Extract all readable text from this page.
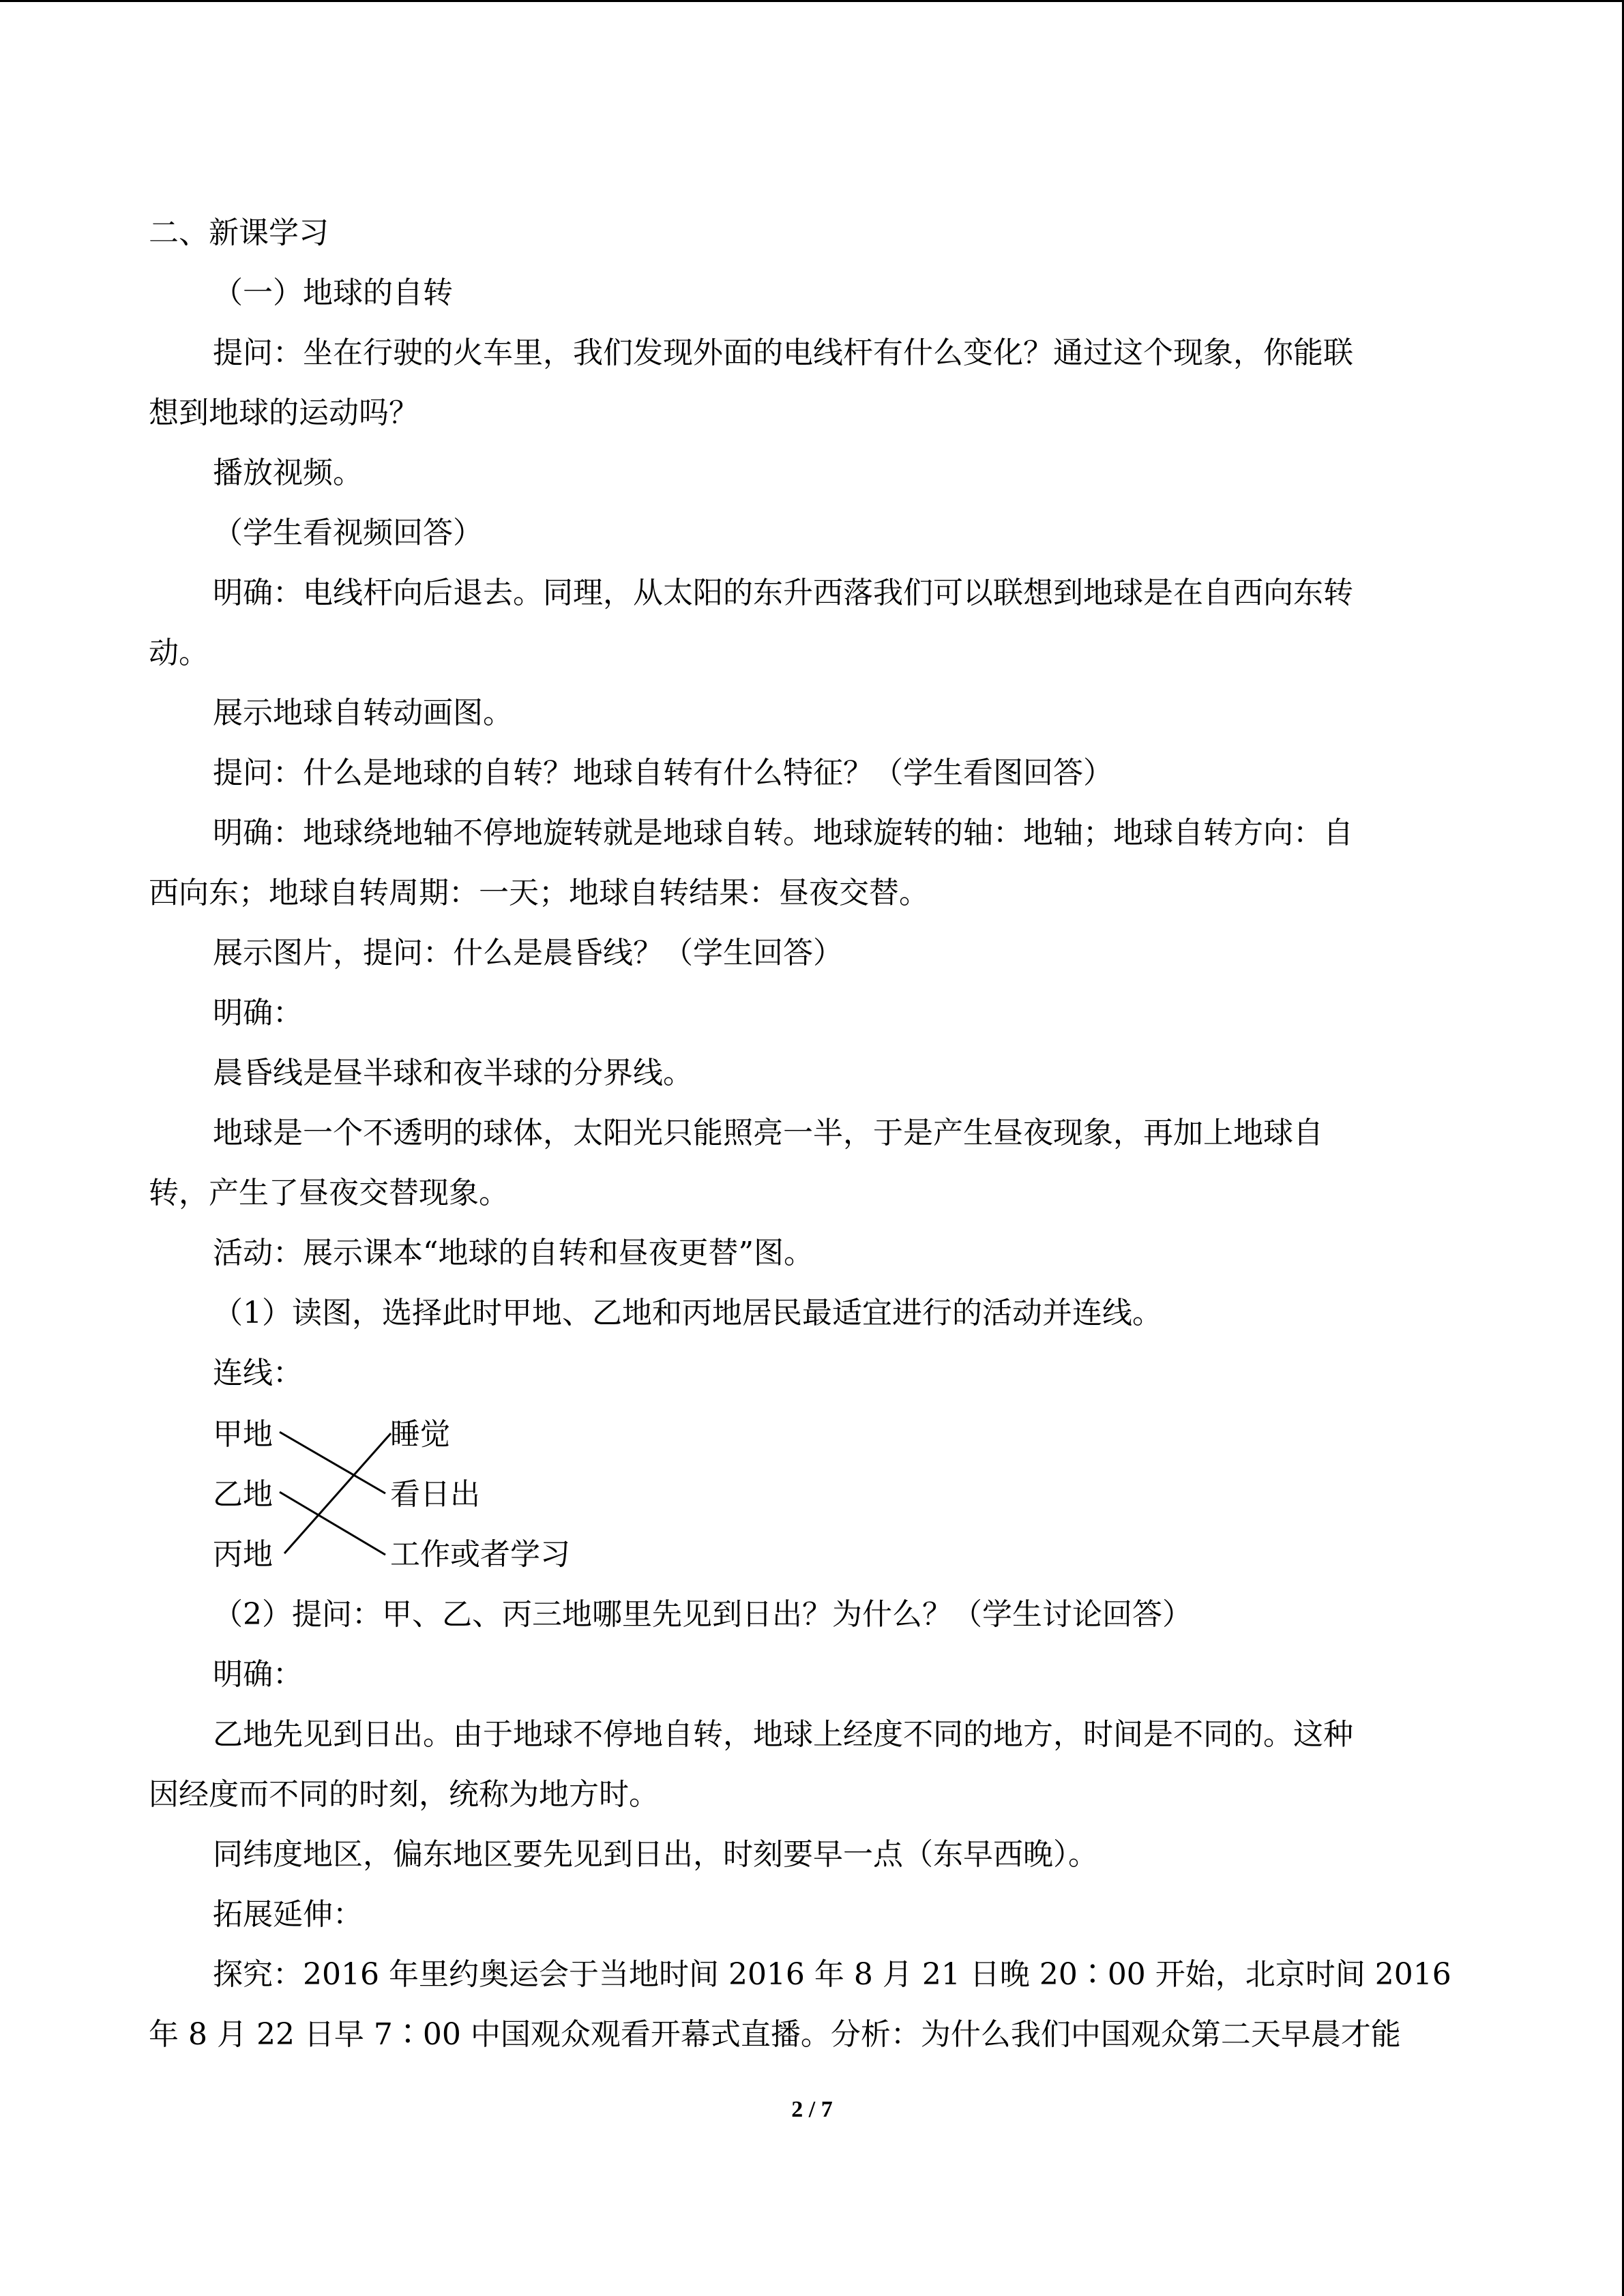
二、新课学习

（一）地球的自转

提问：坐在行驶的火车里，我们发现外面的电线杆有什么变化？通过这个现象，你能联

想到地球的运动吗？

播放视频。

（学生看视频回答）

明确：电线杆向后退去。同理，从太阳的东升西落我们可以联想到地球是在自西向东转

动。

展示地球自转动画图。

提问：什么是地球的自转？地球自转有什么特征？（学生看图回答）

明确：地球绕地轴不停地旋转就是地球自转。地球旋转的轴：地轴；地球自转方向：自

西向东；地球自转周期：一天；地球自转结果：昼夜交替。

展示图片，提问：什么是晨昏线？（学生回答）

明确：

晨昏线是昼半球和夜半球的分界线。

地球是一个不透明的球体，太阳光只能照亮一半，于是产生昼夜现象，再加上地球自

转，产生了昼夜交替现象。

活动：展示课本“地球的自转和昼夜更替”图。

（1）读图，选择此时甲地、乙地和丙地居民最适宜进行的活动并连线。

连线：

甲地
乙地
丙地
睡觉
看日出
工作或者学习

（2）提问：甲、乙、丙三地哪里先见到日出？为什么？（学生讨论回答）

明确：

乙地先见到日出。由于地球不停地自转，地球上经度不同的地方，时间是不同的。这种

因经度而不同的时刻，统称为地方时。

同纬度地区，偏东地区要先见到日出，时刻要早一点（东早西晚）。

拓展延伸：

探究：2016 年里约奥运会于当地时间 2016 年 8 月 21 日晚 20∶00 开始，北京时间 2016

年 8 月 22 日早 7∶00 中国观众观看开幕式直播。分析：为什么我们中国观众第二天早晨才能

2 / 7
